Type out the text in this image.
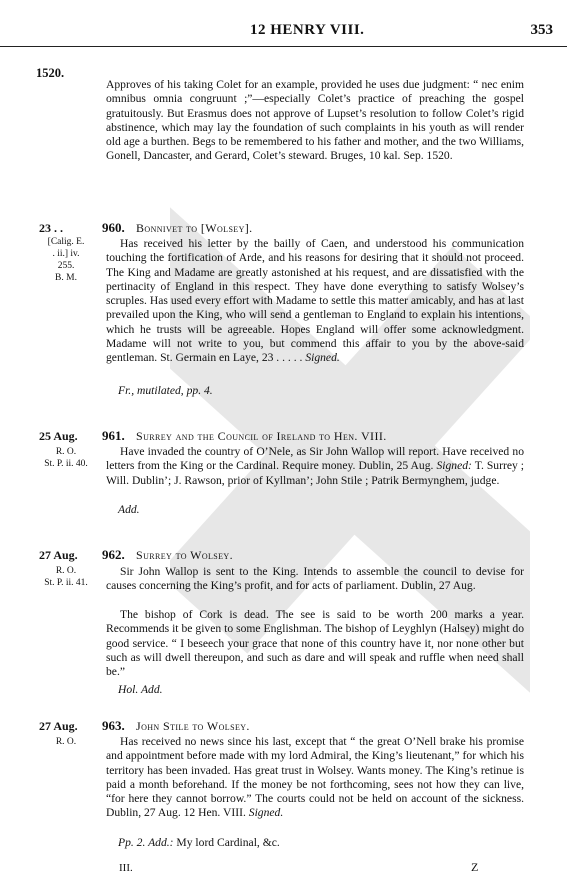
12 HENRY VIII.	353
1520.
Approves of his taking Colet for an example, provided he uses due judgment: “ nec enim omnibus omnia congruunt ;”—especially Colet’s practice of preaching the gospel gratuitously. But Erasmus does not approve of Lupset’s resolution to follow Colet’s rigid abstinence, which may lay the foundation of such complaints in his youth as will render old age a burthen. Begs to be remembered to his father and mother, and the two Williams, Gonell, Dancaster, and Gerard, Colet’s steward. Bruges, 10 kal. Sep. 1520.
23 . .	960. Bonnivet to [Wolsey].
[Calig. E.
. ii.] iv.
255.
B. M.
Has received his letter by the bailly of Caen, and understood his communication touching the fortification of Arde, and his reasons for desiring that it should not proceed. The King and Madame are greatly astonished at his request, and are dissatisfied with the pertinacity of England in this respect. They have done everything to satisfy Wolsey’s scruples. Has used every effort with Madame to settle this matter amicably, and has at last prevailed upon the King, who will send a gentleman to England to explain his intentions, which he trusts will be agreeable. Hopes England will offer some acknowledgment. Madame will not write to you, but commend this affair to you by the above-said gentleman. St. Germain en Laye, 23 . . . . . Signed.
Fr., mutilated, pp. 4.
25 Aug.	961. Surrey and the Council of Ireland to Hen. VIII.
R. O.
St. P. ii. 40.
Have invaded the country of O’Nele, as Sir John Wallop will report. Have received no letters from the King or the Cardinal. Require money. Dublin, 25 Aug. Signed: T. Surrey ; Will. Dublin’; J. Rawson, prior of Kyllman’; John Stile ; Patrik Bermynghem, judge.
Add.
27 Aug.	962. Surrey to Wolsey.
R. O.
St. P. ii. 41.
Sir John Wallop is sent to the King. Intends to assemble the council to devise for causes concerning the King’s profit, and for acts of parliament. Dublin, 27 Aug.
The bishop of Cork is dead. The see is said to be worth 200 marks a year. Recommends it be given to some Englishman. The bishop of Leyghlyn (Halsey) might do good service. “ I beseech your grace that none of this country have it, nor none other but such as will dwell thereupon, and such as dare and will speak and ruffle when need shall be.”
Hol. Add.
27 Aug.	963. John Stile to Wolsey.
R. O.	Has received no news since his last, except that “ the great O’Nell brake his promise and appointment before made with my lord Admiral, the King’s lieutenant,” for which his territory has been invaded. Has great trust in Wolsey. Wants money. The King’s retinue is paid a month beforehand. If the money be not forthcoming, sees not how they can live, “for here they cannot borrow.” The courts could not be held on account of the sickness. Dublin, 27 Aug. 12 Hen. VIII. Signed.
Pp. 2. Add.: My lord Cardinal, &c.
III.	Z
